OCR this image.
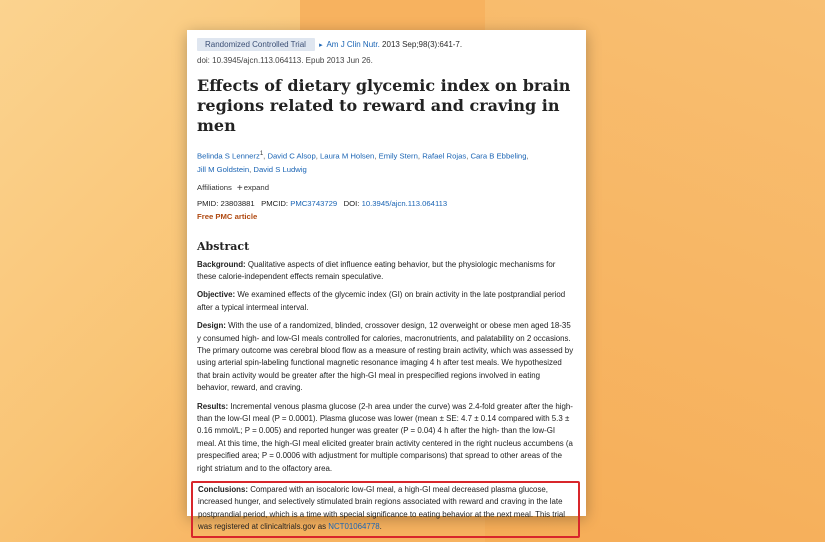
Randomized Controlled Trial ▸ Am J Clin Nutr. 2013 Sep;98(3):641-7.
doi: 10.3945/ajcn.113.064113. Epub 2013 Jun 26.
Effects of dietary glycemic index on brain regions related to reward and craving in men
Belinda S Lennerz$^1$, David C Alsop, Laura M Holsen, Emily Stern, Rafael Rojas, Cara B Ebbeling,
Jill M Goldstein, David S Ludwig
Affiliations +expand
PMID: 23803881 PMCID: PMC3743729 DOI: 10.3945/ajcn.113.064113
Free PMC article
Abstract
Background: Qualitative aspects of diet influence eating behavior, but the physiologic mechanisms for these calorie-independent effects remain speculative.
Objective: We examined effects of the glycemic index (GI) on brain activity in the late postprandial period after a typical intermeal interval.
Design: With the use of a randomized, blinded, crossover design, 12 overweight or obese men aged 18-35 y consumed high- and low-GI meals controlled for calories, macronutrients, and palatability on 2 occasions. The primary outcome was cerebral blood flow as a measure of resting brain activity, which was assessed by using arterial spin-labeling functional magnetic resonance imaging 4 h after test meals. We hypothesized that brain activity would be greater after the high-GI meal in prespecified regions involved in eating behavior, reward, and craving.
Results: Incremental venous plasma glucose (2-h area under the curve) was 2.4-fold greater after the high- than the low-GI meal (P = 0.0001). Plasma glucose was lower (mean ± SE: 4.7 ± 0.14 compared with 5.3 ± 0.16 mmol/L; P = 0.005) and reported hunger was greater (P = 0.04) 4 h after the high- than the low-GI meal. At this time, the high-GI meal elicited greater brain activity centered in the right nucleus accumbens (a prespecified area; P = 0.0006 with adjustment for multiple comparisons) that spread to other areas of the right striatum and to the olfactory area.
Conclusions: Compared with an isocaloric low-GI meal, a high-GI meal decreased plasma glucose, increased hunger, and selectively stimulated brain regions associated with reward and craving in the late postprandial period, which is a time with special significance to eating behavior at the next meal. This trial was registered at clinicaltrials.gov as NCT01064778.
